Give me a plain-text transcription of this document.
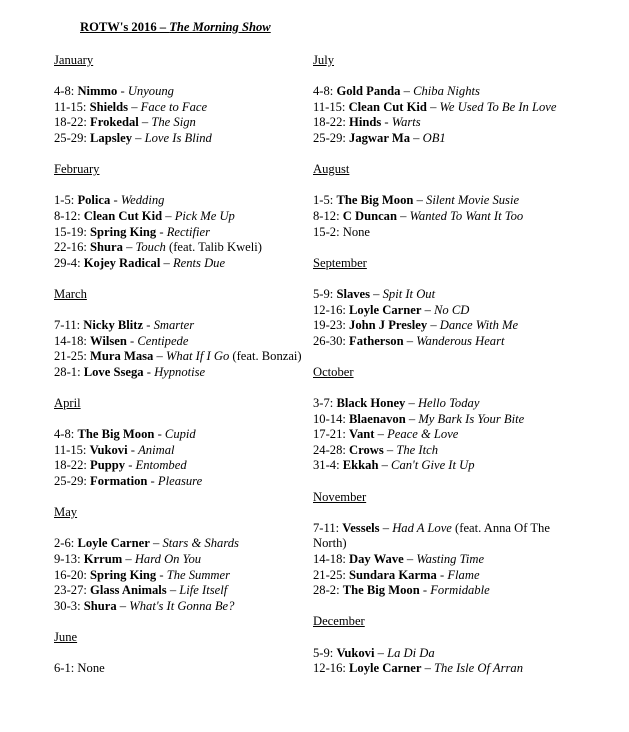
ROTW's 2016 – The Morning Show
January
4-8: Nimmo - Unyoung
11-15: Shields – Face to Face
18-22: Frokedal – The Sign
25-29: Lapsley – Love Is Blind
February
1-5: Polica - Wedding
8-12: Clean Cut Kid – Pick Me Up
15-19: Spring King - Rectifier
22-16: Shura – Touch (feat. Talib Kweli)
29-4: Kojey Radical – Rents Due
March
7-11: Nicky Blitz - Smarter
14-18: Wilsen - Centipede
21-25: Mura Masa – What If I Go (feat. Bonzai)
28-1: Love Ssega - Hypnotise
April
4-8: The Big Moon - Cupid
11-15: Vukovi - Animal
18-22: Puppy - Entombed
25-29: Formation - Pleasure
May
2-6: Loyle Carner – Stars & Shards
9-13: Krrum – Hard On You
16-20: Spring King - The Summer
23-27: Glass Animals – Life Itself
30-3: Shura – What's It Gonna Be?
June
6-1: None
July
4-8: Gold Panda – Chiba Nights
11-15: Clean Cut Kid – We Used To Be In Love
18-22: Hinds - Warts
25-29: Jagwar Ma – OB1
August
1-5: The Big Moon – Silent Movie Susie
8-12: C Duncan – Wanted To Want It Too
15-2: None
September
5-9: Slaves – Spit It Out
12-16: Loyle Carner – No CD
19-23: John J Presley – Dance With Me
26-30: Fatherson – Wanderous Heart
October
3-7: Black Honey – Hello Today
10-14: Blaenavon – My Bark Is Your Bite
17-21: Vant – Peace & Love
24-28: Crows – The Itch
31-4: Ekkah – Can't Give It Up
November
7-11: Vessels – Had A Love (feat. Anna Of The North)
14-18: Day Wave – Wasting Time
21-25: Sundara Karma - Flame
28-2: The Big Moon - Formidable
December
5-9: Vukovi – La Di Da
12-16: Loyle Carner – The Isle Of Arran
